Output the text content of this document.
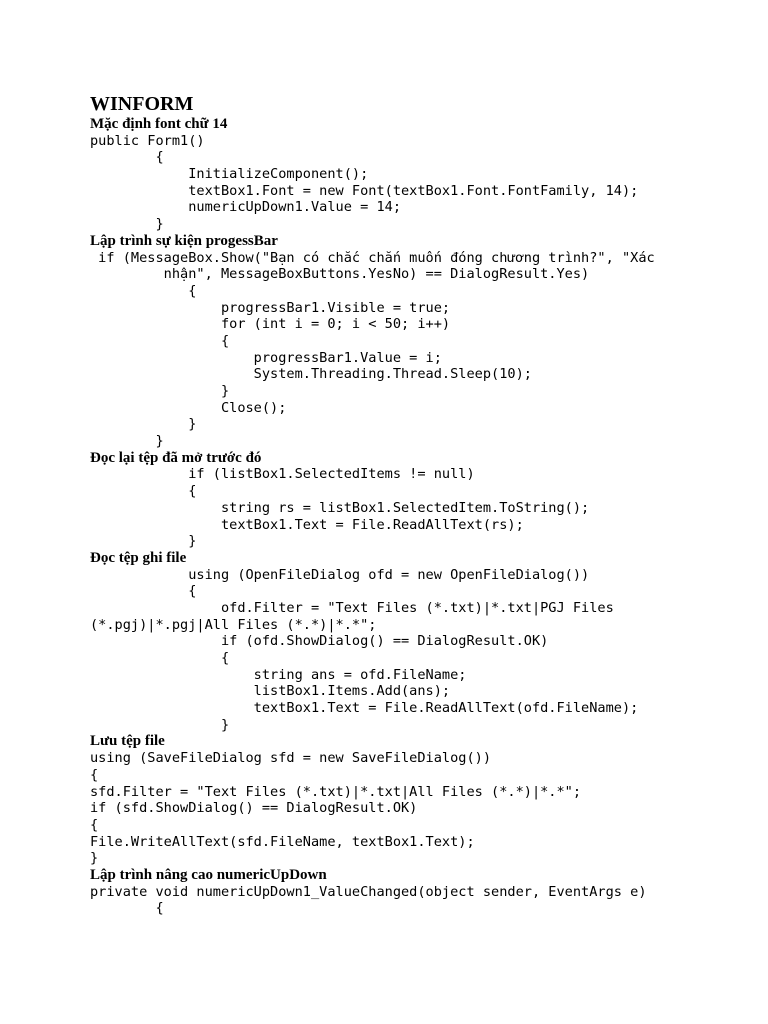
WINFORM
Mặc định font chữ 14
public Form1()
{
InitializeComponent();
textBox1.Font = new Font(textBox1.Font.FontFamily, 14);
numericUpDown1.Value = 14;
}
Lập trình sự kiện progessBar
if (MessageBox.Show("Bạn có chắc chắn muốn đóng chương trình?", "Xác
nhận", MessageBoxButtons.YesNo) == DialogResult.Yes)
{
progressBar1.Visible = true;
for (int i = 0; i < 50; i++)
{
progressBar1.Value = i;
System.Threading.Thread.Sleep(10);
}
Close();
}
}
Đọc lại tệp đã mở trước đó
if (listBox1.SelectedItems != null)
{
string rs = listBox1.SelectedItem.ToString();
textBox1.Text = File.ReadAllText(rs);
}
Đọc tệp ghi file
using (OpenFileDialog ofd = new OpenFileDialog())
{
ofd.Filter = "Text Files (*.txt)|*.txt|PGJ Files
(*.pgj)|*.pgj|All Files (*.*)|*.*";
if (ofd.ShowDialog() == DialogResult.OK)
{
string ans = ofd.FileName;
listBox1.Items.Add(ans);
textBox1.Text = File.ReadAllText(ofd.FileName);
}
Lưu tệp file
using (SaveFileDialog sfd = new SaveFileDialog())
{
sfd.Filter = "Text Files (*.txt)|*.txt|All Files (*.*)|*.*";
if (sfd.ShowDialog() == DialogResult.OK)
{
File.WriteAllText(sfd.FileName, textBox1.Text);
}
Lập trình nâng cao numericUpDown
private void numericUpDown1_ValueChanged(object sender, EventArgs e)
{
